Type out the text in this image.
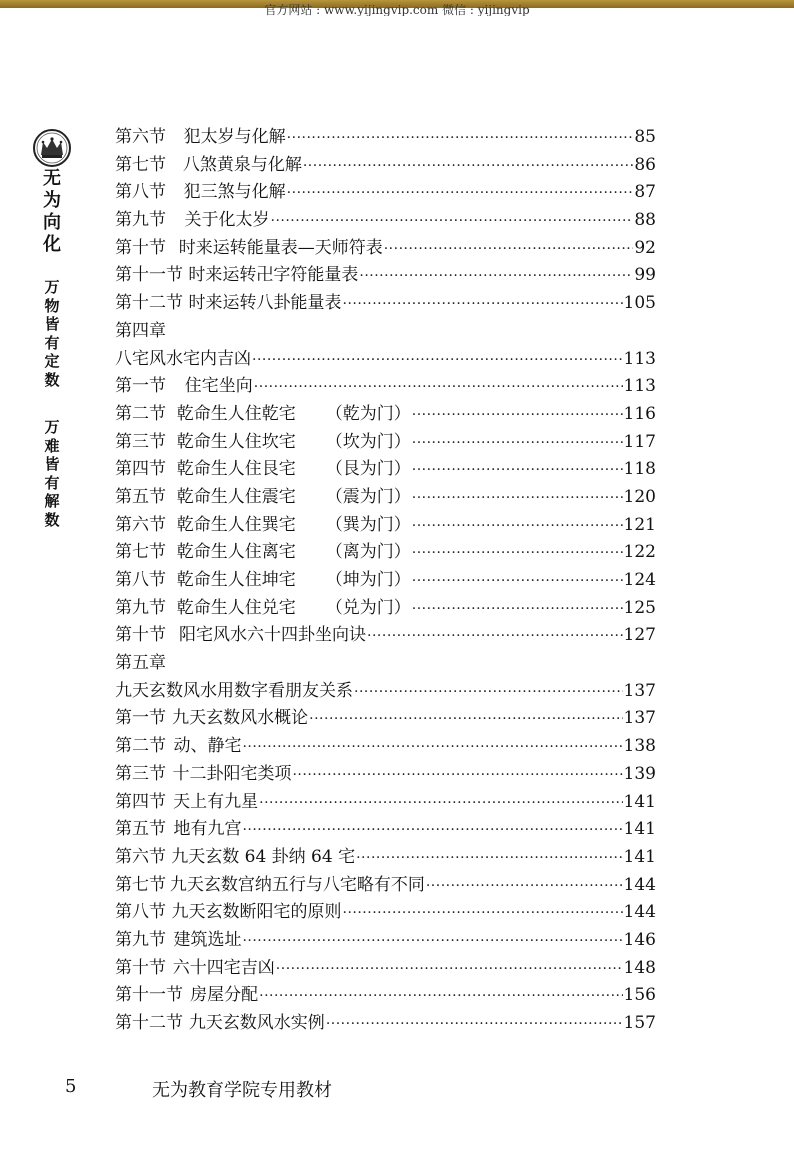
官方网站 : www.yijingvip.com 微信 : yijingvip
无
为
向
化
万
物
皆
有
定
数
万
难
皆
有
解
数
第六节 犯太岁与化解 ·····	85
第七节 八煞黄泉与化解 ·····	86
第八节 犯三煞与化解 ·····	87
第九节 关于化太岁 ·····	88
第十节 时来运转能量表—天师符表 ·····	92
第十一节 时来运转卍字符能量表 ·····	99
第十二节 时来运转八卦能量表 ·····	105
第四章
八宅风水宅内吉凶 ·····	113
第一节 住宅坐向 ·····	113
第二节 乾命生人住乾宅 （乾为门） ·····	116
第三节 乾命生人住坎宅 （坎为门） ·····	117
第四节 乾命生人住艮宅 （艮为门） ·····	118
第五节 乾命生人住震宅 （震为门） ·····	120
第六节 乾命生人住巽宅 （巽为门） ·····	121
第七节 乾命生人住离宅 （离为门） ·····	122
第八节 乾命生人住坤宅 （坤为门） ·····	124
第九节 乾命生人住兑宅 （兑为门） ·····	125
第十节 阳宅风水六十四卦坐向诀 ·····	127
第五章
九天玄数风水用数字看朋友关系 ·····	137
第一节 九天玄数风水概论 ·····	137
第二节 动、静宅 ·····	138
第三节 十二卦阳宅类项 ·····	139
第四节 天上有九星 ·····	141
第五节 地有九宫 ·····	141
第六节 九天玄数 64 卦纳 64 宅 ·····	141
第七节 九天玄数宫纳五行与八宅略有不同 ·····	144
第八节 九天玄数断阳宅的原则 ·····	144
第九节 建筑选址 ·····	146
第十节 六十四宅吉凶 ·····	148
第十一节 房屋分配 ·····	156
第十二节 九天玄数风水实例 ·····	157
5	无为教育学院专用教材
